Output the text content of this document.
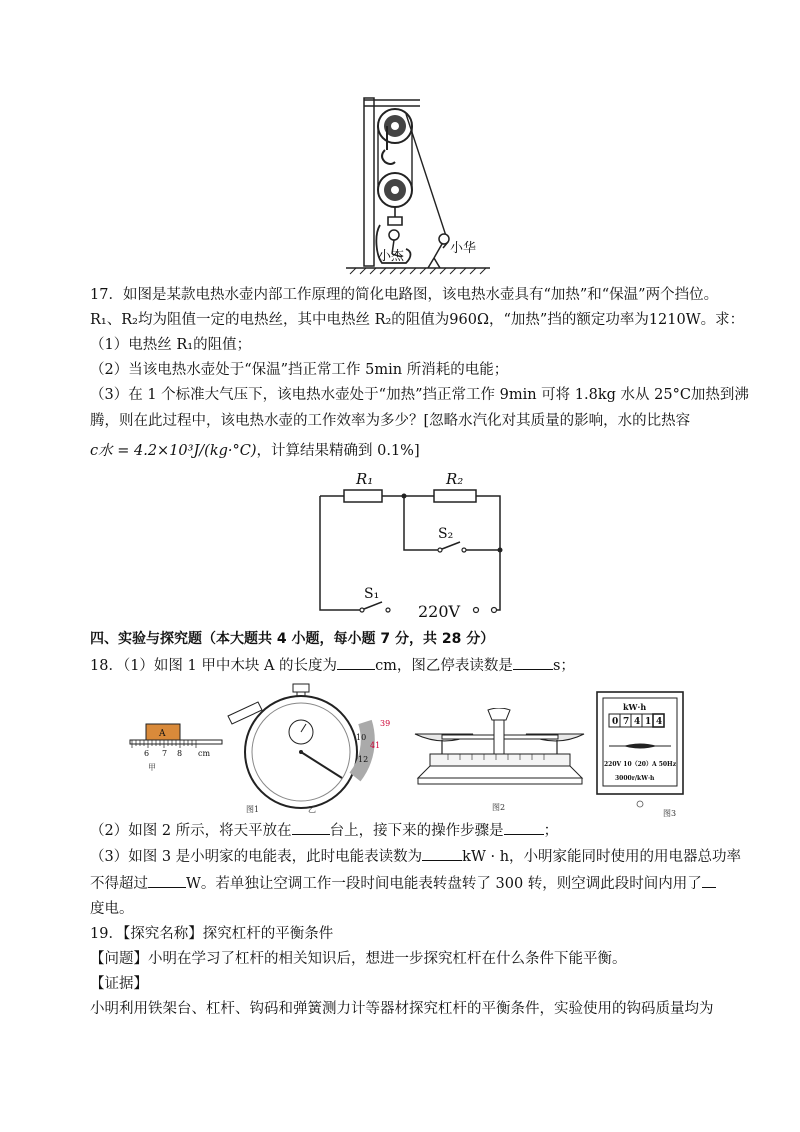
小杰
小华
17．如图是某款电热水壶内部工作原理的简化电路图，该电热水壶具有“加热”和“保温”两个挡位。
R₁、R₂均为阻值一定的电热丝，其中电热丝 R₂的阻值为960Ω，“加热”挡的额定功率为1210W。求：
（1）电热丝 R₁的阻值；
（2）当该电热水壶处于“保温”挡正常工作 5min 所消耗的电能；
（3）在 1 个标准大气压下，该电热水壶处于“加热”挡正常工作 9min 可将 1.8kg 水从 25°C加热到沸
腾，则在此过程中，该电热水壶的工作效率为多少？[忽略水汽化对其质量的影响，水的比热容
c水 = 4.2×10³J/(kg·°C)，计算结果精确到 0.1%]
R₁	R₂
S₂
S₁
220V
四、实验与探究题（本大题共 4 小题，每小题 7 分，共 28 分）
18．（1）如图 1 甲中木块 A 的长度为	cm，图乙停表读数是	s；
A
6 7 8 cm
甲
39
10
41
12
图1	乙	图2
kW·h
0 7 4 1 4
220V 10（20）A 50Hz
3000r/kW·h
图3
（2）如图 2 所示，将天平放在	台上，接下来的操作步骤是	；
（3）如图 3 是小明家的电能表，此时电能表读数为	kW · h，小明家能同时使用的用电器总功率
不得超过	W。若单独让空调工作一段时间电能表转盘转了 300 转，则空调此段时间内用了
度电。
19．【探究名称】探究杠杆的平衡条件
【问题】小明在学习了杠杆的相关知识后，想进一步探究杠杆在什么条件下能平衡。
【证据】
小明利用铁架台、杠杆、钩码和弹簧测力计等器材探究杠杆的平衡条件，实验使用的钩码质量均为
